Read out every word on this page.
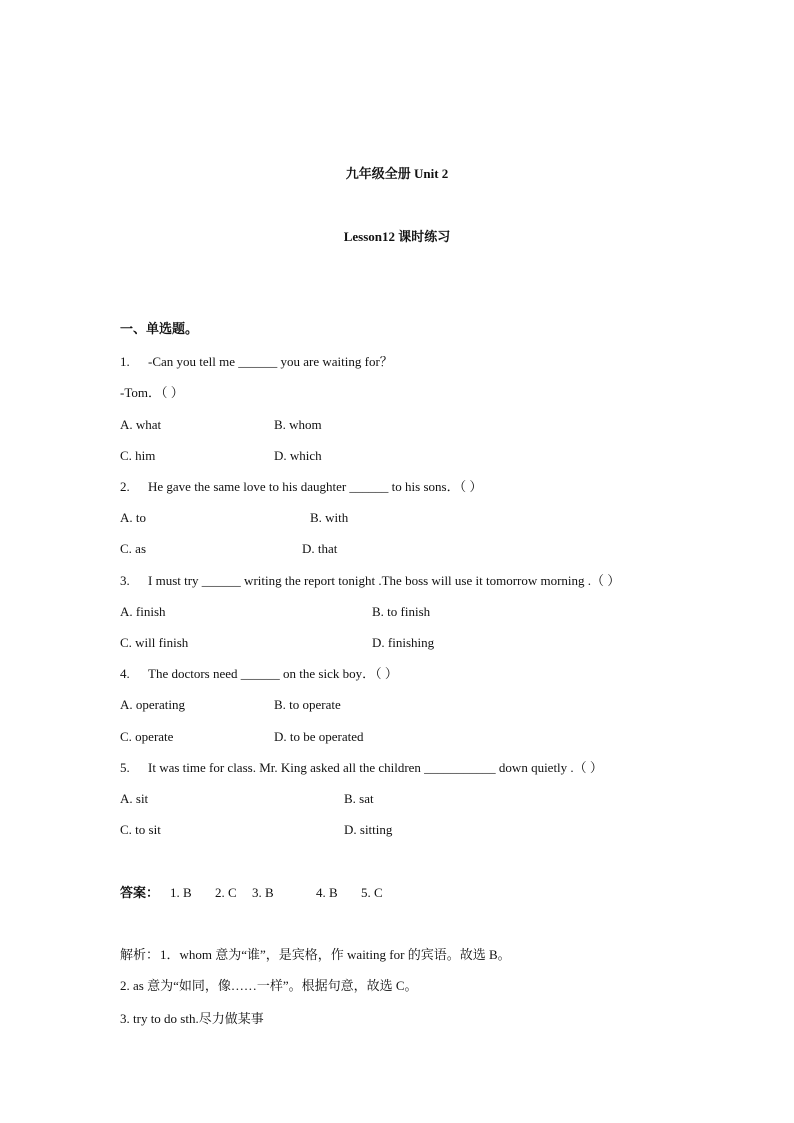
九年级全册 Unit 2
Lesson12 课时练习
一、单选题。
1. -Can you tell me ______ you are waiting for？
-Tom．（ ）
A. what	B. whom
C. him	D. which
2. He gave the same love to his daughter ______ to his sons．（ ）
A. to	B. with
C. as	D. that
3. I must try ______ writing the report tonight .The boss will use it tomorrow morning .（ ）
A. finish	B. to finish
C. will finish	D. finishing
4. The doctors need ______ on the sick boy．（ ）
A. operating	B. to operate
C. operate	D. to be operated
5. It was time for class. Mr. King asked all the children ___________ down quietly .（ ）
A. sit	B. sat
C. to sit	D. sitting
答案： 1. B 2. C 3. B	4. B 5. C
解析： 1．whom 意为“谁”，是宾格，作 waiting for 的宾语。故选 B。
2. as 意为“如同，像……一样”。根据句意，故选 C。
3. try to do sth.尽力做某事
